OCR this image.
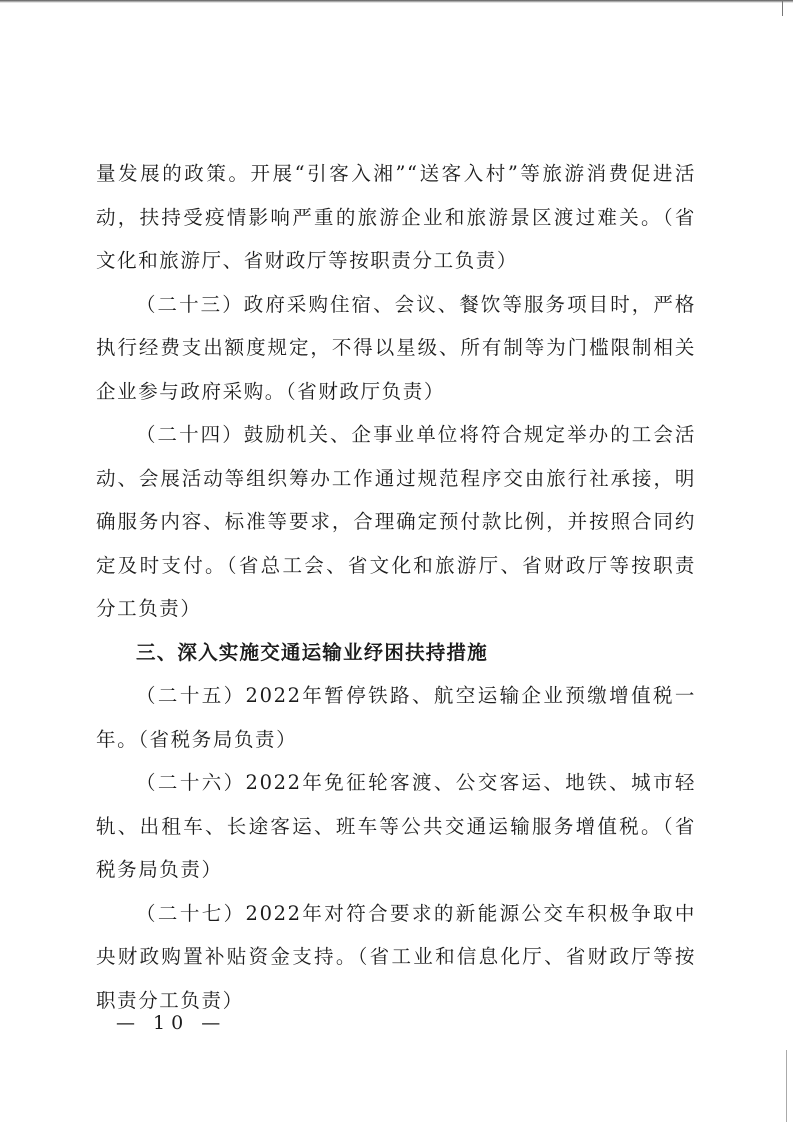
量发展的政策。开展“引客入湘”“送客入村”等旅游消费促进活动，扶持受疫情影响严重的旅游企业和旅游景区渡过难关。（省文化和旅游厅、省财政厅等按职责分工负责）

（二十三）政府采购住宿、会议、餐饮等服务项目时，严格执行经费支出额度规定，不得以星级、所有制等为门槛限制相关企业参与政府采购。（省财政厅负责）

（二十四）鼓励机关、企事业单位将符合规定举办的工会活动、会展活动等组织筹办工作通过规范程序交由旅行社承接，明确服务内容、标准等要求，合理确定预付款比例，并按照合同约定及时支付。（省总工会、省文化和旅游厅、省财政厅等按职责分工负责）

三、深入实施交通运输业纾困扶持措施

（二十五）2022年暂停铁路、航空运输企业预缴增值税一年。（省税务局负责）

（二十六）2022年免征轮客渡、公交客运、地铁、城市轻轨、出租车、长途客运、班车等公共交通运输服务增值税。（省税务局负责）

（二十七）2022年对符合要求的新能源公交车积极争取中央财政购置补贴资金支持。（省工业和信息化厅、省财政厅等按职责分工负责）

— 10 —
